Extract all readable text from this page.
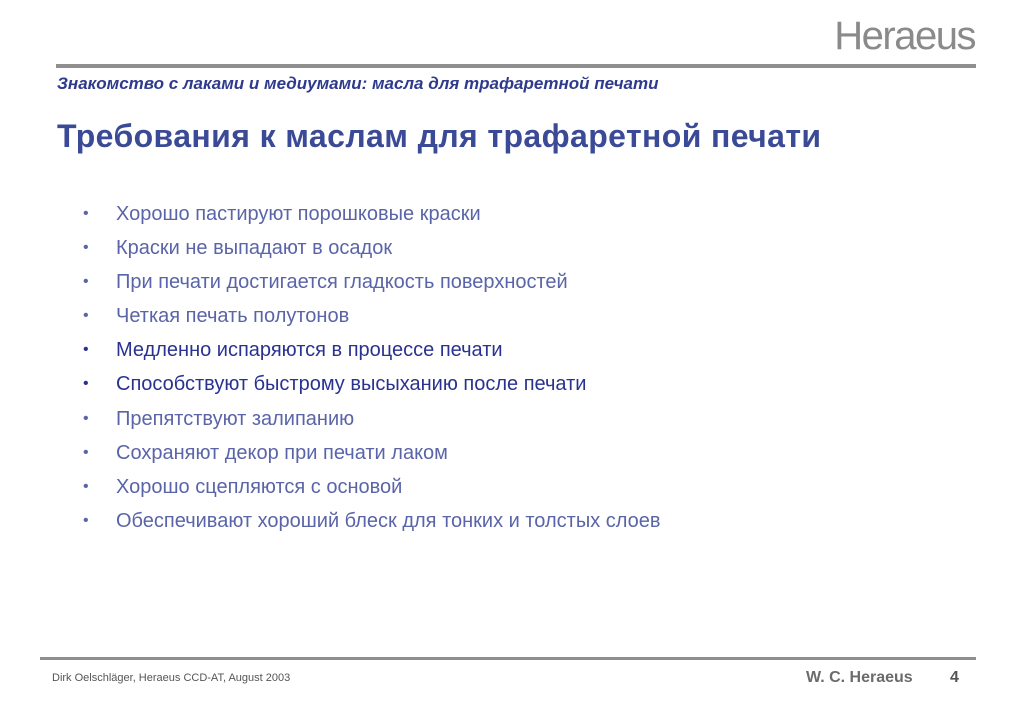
Heraeus
Знакомство с лаками и медиумами: масла для трафаретной печати
Требования к маслам для трафаретной печати
• Хорошо пастируют порошковые краски
• Краски не выпадают в осадок
• При печати достигается гладкость поверхностей
• Четкая печать полутонов
• Медленно испаряются в процессе печати
• Способствуют быстрому высыханию после печати
• Препятствуют залипанию
• Сохраняют декор при печати лаком
• Хорошо сцепляются с основой
• Обеспечивают хороший блеск для тонких и толстых слоев
Dirk Oelschläger, Heraeus CCD-AT, August 2003	W. C. Heraeus 4
